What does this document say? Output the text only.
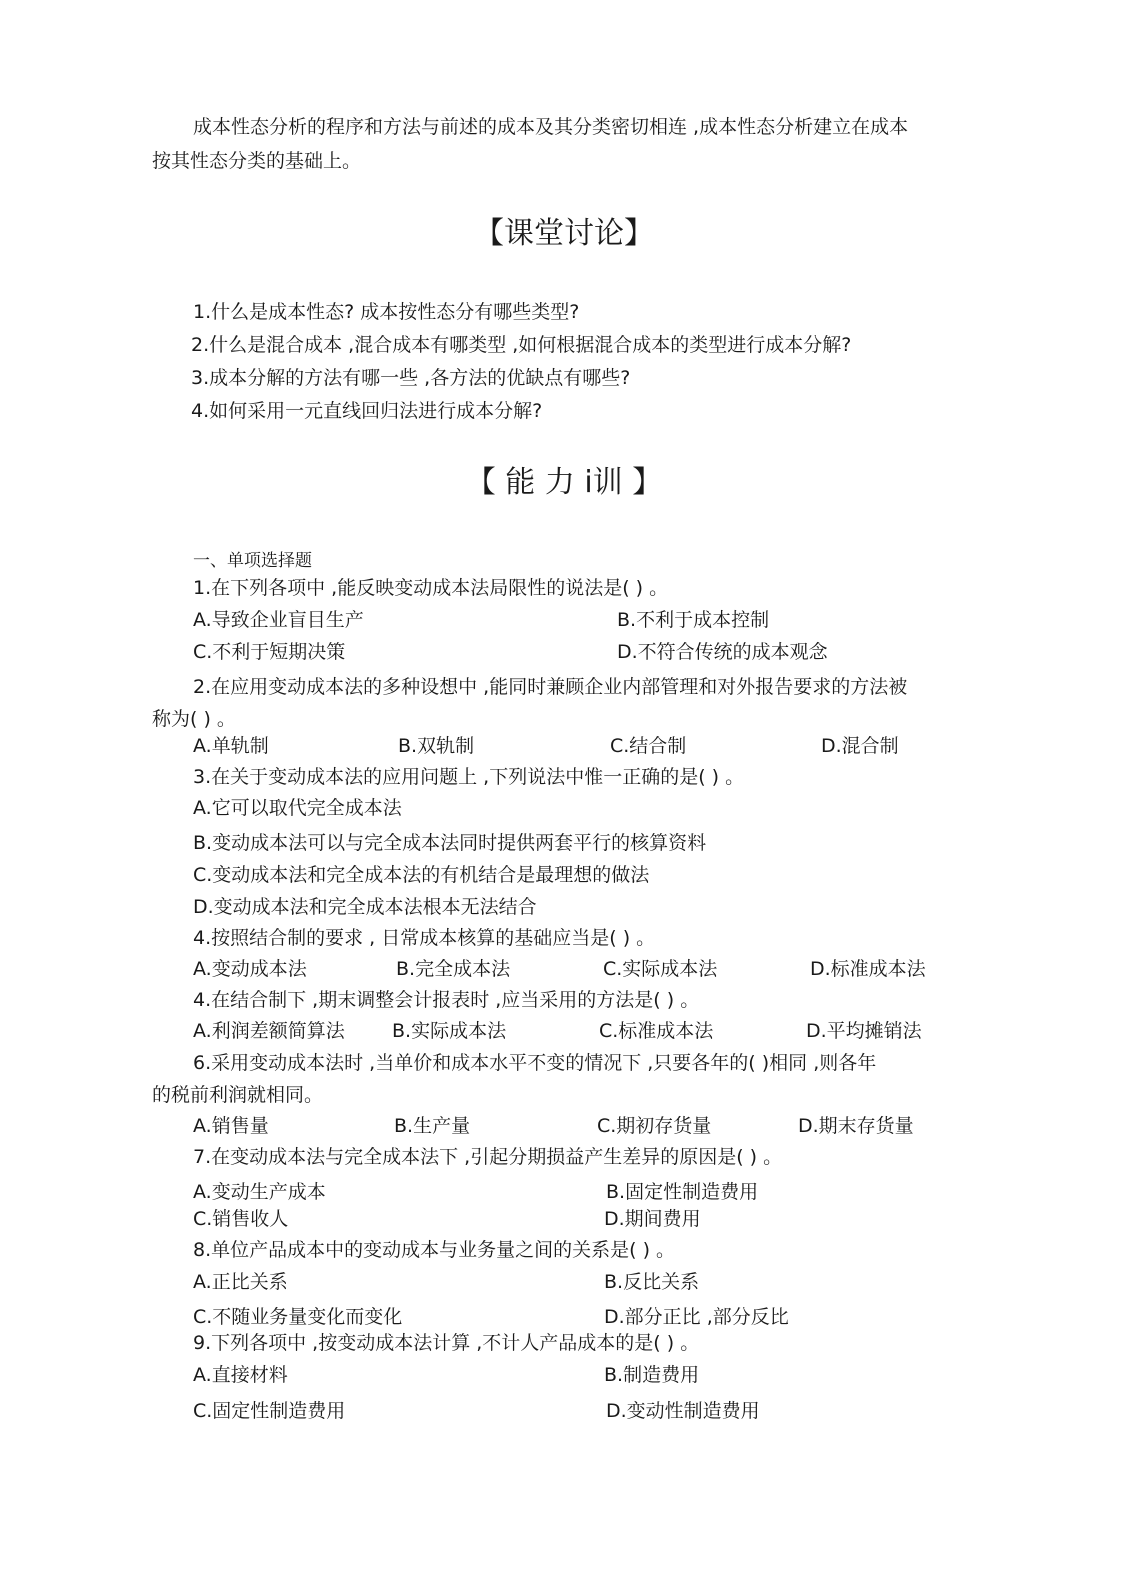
成本性态分析的程序和方法与前述的成本及其分类密切相连 ,成本性态分析建立在成本
按其性态分类的基础上。
【课堂讨论】
1.什么是成本性态? 成本按性态分有哪些类型?
2.什么是混合成本 ,混合成本有哪类型 ,如何根据混合成本的类型进行成本分解?
3.成本分解的方法有哪一些 ,各方法的优缺点有哪些?
4.如何采用一元直线回归法进行成本分解?
【 能 力 i训 】
一、单项选择题
1.在下列各项中 ,能反映变动成本法局限性的说法是( ) 。
A.导致企业盲目生产	B.不利于成本控制
C.不利于短期决策	D.不符合传统的成本观念
2.在应用变动成本法的多种设想中 ,能同时兼顾企业内部管理和对外报告要求的方法被
称为( ) 。
A.单轨制	B.双轨制	C.结合制	D.混合制
3.在关于变动成本法的应用问题上 ,下列说法中惟一正确的是( ) 。
A.它可以取代完全成本法
B.变动成本法可以与完全成本法同时提供两套平行的核算资料
C.变动成本法和完全成本法的有机结合是最理想的做法
D.变动成本法和完全成本法根本无法结合
4.按照结合制的要求 , 日常成本核算的基础应当是( ) 。
A.变动成本法	B.完全成本法	C.实际成本法	D.标准成本法
4.在结合制下 ,期末调整会计报表时 ,应当采用的方法是( ) 。
A.利润差额简算法 B.实际成本法	C.标准成本法	D.平均摊销法
6.采用变动成本法时 ,当单价和成本水平不变的情况下 ,只要各年的( )相同 ,则各年
的税前利润就相同。
A.销售量	B.生产量	C.期初存货量	D.期末存货量
7.在变动成本法与完全成本法下 ,引起分期损益产生差异的原因是( ) 。
A.变动生产成本	B.固定性制造费用
C.销售收人	D.期间费用
8.单位产品成本中的变动成本与业务量之间的关系是( ) 。
A.正比关系	B.反比关系
C.不随业务量变化而变化	D.部分正比 ,部分反比
9.下列各项中 ,按变动成本法计算 ,不计人产品成本的是( ) 。
A.直接材料	B.制造费用
C.固定性制造费用	D.变动性制造费用
